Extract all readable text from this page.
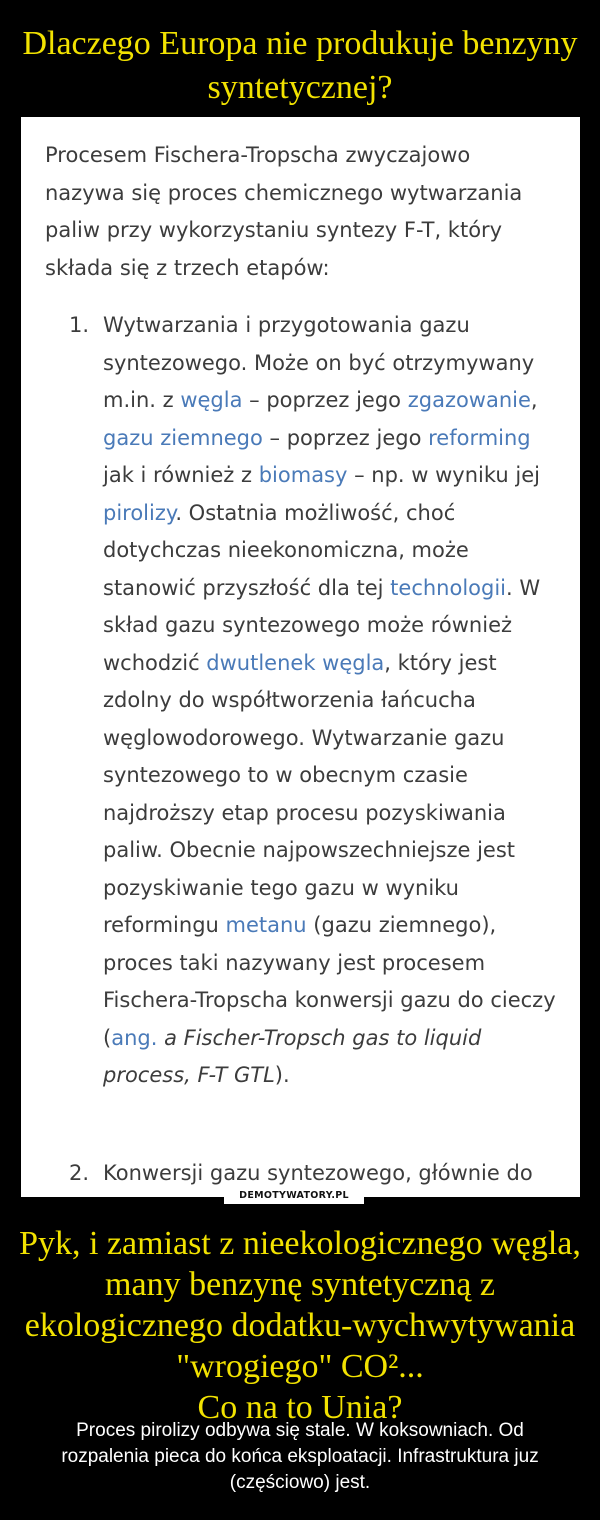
Dlaczego Europa nie produkuje benzyny
syntetycznej?
Procesem Fischera-Tropscha zwyczajowo nazywa się proces chemicznego wytwarzania paliw przy wykorzystaniu syntezy F-T, który składa się z trzech etapów:
1. Wytwarzania i przygotowania gazu syntezowego. Może on być otrzymywany m.in. z węgla – poprzez jego zgazowanie, gazu ziemnego – poprzez jego reforming jak i również z biomasy – np. w wyniku jej pirolizy. Ostatnia możliwość, choć dotychczas nieekonomiczna, może stanowić przyszłość dla tej technologii. W skład gazu syntezowego może również wchodzić dwutlenek węgla, który jest zdolny do współtworzenia łańcucha węglowodorowego. Wytwarzanie gazu syntezowego to w obecnym czasie najdroższy etap procesu pozyskiwania paliw. Obecnie najpowszechniejsze jest pozyskiwanie tego gazu w wyniku reformingu metanu (gazu ziemnego), proces taki nazywany jest procesem Fischera-Tropscha konwersji gazu do cieczy (ang. a Fischer-Tropsch gas to liquid process, F-T GTL).
2. Konwersji gazu syntezowego, głównie do
DEMOTYWATORY.PL
Pyk, i zamiast z nieekologicznego węgla,
many benzynę syntetyczną z
ekologicznego dodatku-wychwytywania
"wrogiego" CO²...
Co na to Unia?
Proces pirolizy odbywa się stale. W koksowniach. Od
rozpalenia pieca do końca eksploatacji. Infrastruktura juz
(częściowo) jest.
